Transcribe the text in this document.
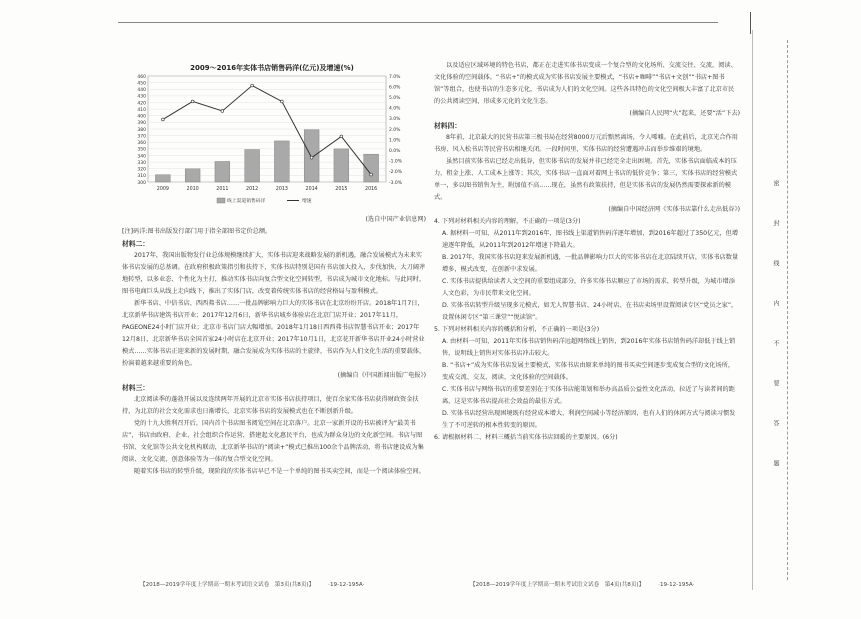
2009～2016年实体书店销售码洋(亿元)及增速(%)
460
450
440
430
420
410
400
390
380
370
360
350
340
330
320
310
300
7.0%
6.0%
5.0%
4.0%
3.0%
2.0%
1.0%
0.0%
-1.0%
-2.0%
-3.0%
2009	2010	2011	2012	2013	2014	2015	2016
线上渠道销售码洋	增速

(选自中国产业信息网)

[注]码洋:图书出版发行部门用于指全部图书定价总额。

材料二：

2017年，我国出版物发行业总体规模继续扩大，实体书店迎来战略发展的新机遇，融合发展模式为未来实体书店发展的总基调。在政府积极政策指引和扶持下，实体书店特别是国有书店加大投入，步伐加快，大刀阔斧地转型，以多业态、个性化为主打，推动实体书店向复合型文化空间转型，书店成为城市文化地标。与此同时，图书电商巨头从线上走向线下，推出了实体门店，改变着传统实体书店的经营格局与盈利模式。

新华书店、中信书店、西西弗书店……一批品牌影响力巨大的实体书店在北京纷纷开店。2018年1月7日，北京新华书店建筑书店开业；2017年12月6日，新华书店城乡体验店在北京门店开业；2017年11月，PAGEONE24小时门店开业；北京市书店门店大幅增加。2018年1月18日西西弗书店智慧书店开业；2017年12月8日，北京新华书店全国首家24小时店在北京开业；2017年10月1日，北京花开新华书店开业24小时营业模式……实体书店正迎来新的发展时期，融合发展成为实体书店的主旋律，书店作为人们文化生活的重要载体，扮演着越来越重要的角色。

(摘编自《中国新闻出版广电报》)

材料三：

北京阅读季的蓬勃开展以及连续两年开展的北京市实体书店扶持项目，使百余家实体书店获得财政资金扶持，为北京的社会文化需求也日渐增长，北京实体书店的发展模式也在不断创新升级。

党的十九大胜利召开后，国内首个书店图书阅览空间在北京落户。北京一家新开设的书店被评为“最美书店”，书店由政府、企业、社会组织合作运营，搭建起文化惠民平台，也成为群众身边的文化新空间。书店与图书馆、文化馆等公共文化机构联动，北京新华书店的“阅读+”模式已推出100余个品牌活动，将书店建设成为集阅读、文化交流、创意体验等为一体的复合型文化空间。

随着实体书店的转型升级，现阶段的实体书店早已不是一个单纯的图书买卖空间，而是一个阅读体验空间。

【2018—2019学年度上学期高一期末考试语文试卷　第3页(共8页)】　　　·19-12-195A·

以及适应区域环境的特色书店，都正在走进实体书店变成一个复合型的文化场所、交流交往、交流，阅读、文化体验的空间载体。“书店+”的模式成为实体书店发展主要模式，“书店+咖啡”“书店+文创”“书店+图书馆”等组合，也使书店的生态多元化，书店成为人们的文化空间。这些各具特色的文化空间极大丰富了北京市民的公共阅读空间，形成多元化的文化生态。

(摘编自人民网“火”起来，还要“活”下去)

材料四：

8年前，北京最大的民营书店第三极书局在经营8000万元后黯然离场，令人唏嘘。在此前后，北京光合作用书房、风入松书店等民营书店相继关闭。一段时间里，实体书店的经营遭遇冲击而举步维艰的境地。

虽然目前实体书店已经走出低谷，但实体书店的发展并非已经完全走出困境。首先，实体书店面临成本的压力，租金上涨、人工成本上涨等；其次，实体书店一直面对着网上书店的低价竞争；第三，实体书店的经营模式单一，多以图书销售为主，附加值不高……现在，虽然有政策扶持，但是实体书店的发展仍然需要探索新的模式。

(摘编自中国经济网《实体书店靠什么走出低谷》)

4. 下列对材料相关内容的理解，不正确的一项是(3分)

A. 据材料一可知，从2011年到2016年，图书线上渠道销售码洋逐年增加，到2016年超过了350亿元，但增速逐年降低，从2011年到2012年增速下降最大。

B. 2017年，我国实体书店迎来发展新机遇，一批品牌影响力巨大的实体书店在北京陆续开店，实体书店数量增多，模式改变，在创新中求发展。

C. 实体书店提供给读者人文空间的重要组成部分，许多实体书店顺应了市场的需求，转型升级，为城市增添人文色彩，为市民带来文化空间。

D. 实体书店转型升级呈现多元模式，如无人智慧书店、24小时店、在书店卖场里设置阅读专区“党员之家”，设置休闲专区“第三课堂”“悦读馆”。

5. 下列对材料相关内容的概括和分析，不正确的一项是(3分)

A. 由材料一可知，2011年实体书店销售码洋远超网络线上销售，到2016年实体书店销售码洋却低于线上销售，说明线上销售对实体书店冲击较大。

B. “书店+”成为实体书店发展主要模式，实体书店由原来单纯的图书买卖空间逐步变成复合型的文化场所，变成交流、交友、阅读、文化体验的空间载体。

C. 实体书店与网络书店的重要差别在于实体书店能策划和举办高品质公益性文化活动，拉近了与读者间的距离，这是实体书店提高社会效益的最佳方式。

D. 实体书店经营出现困境既有经营成本增大、利润空间减小等经济原因，也有人们的休闲方式与阅读习惯发生了不可逆转的根本性转变的原因。

6. 请根据材料二、材料三概括当前实体书店回暖的主要原因。(6分)

【2018—2019学年度上学期高一期末考试语文试卷　第4页(共8页)】　　　·19-12-195A·
密
封
线
内
不
要
答
题
